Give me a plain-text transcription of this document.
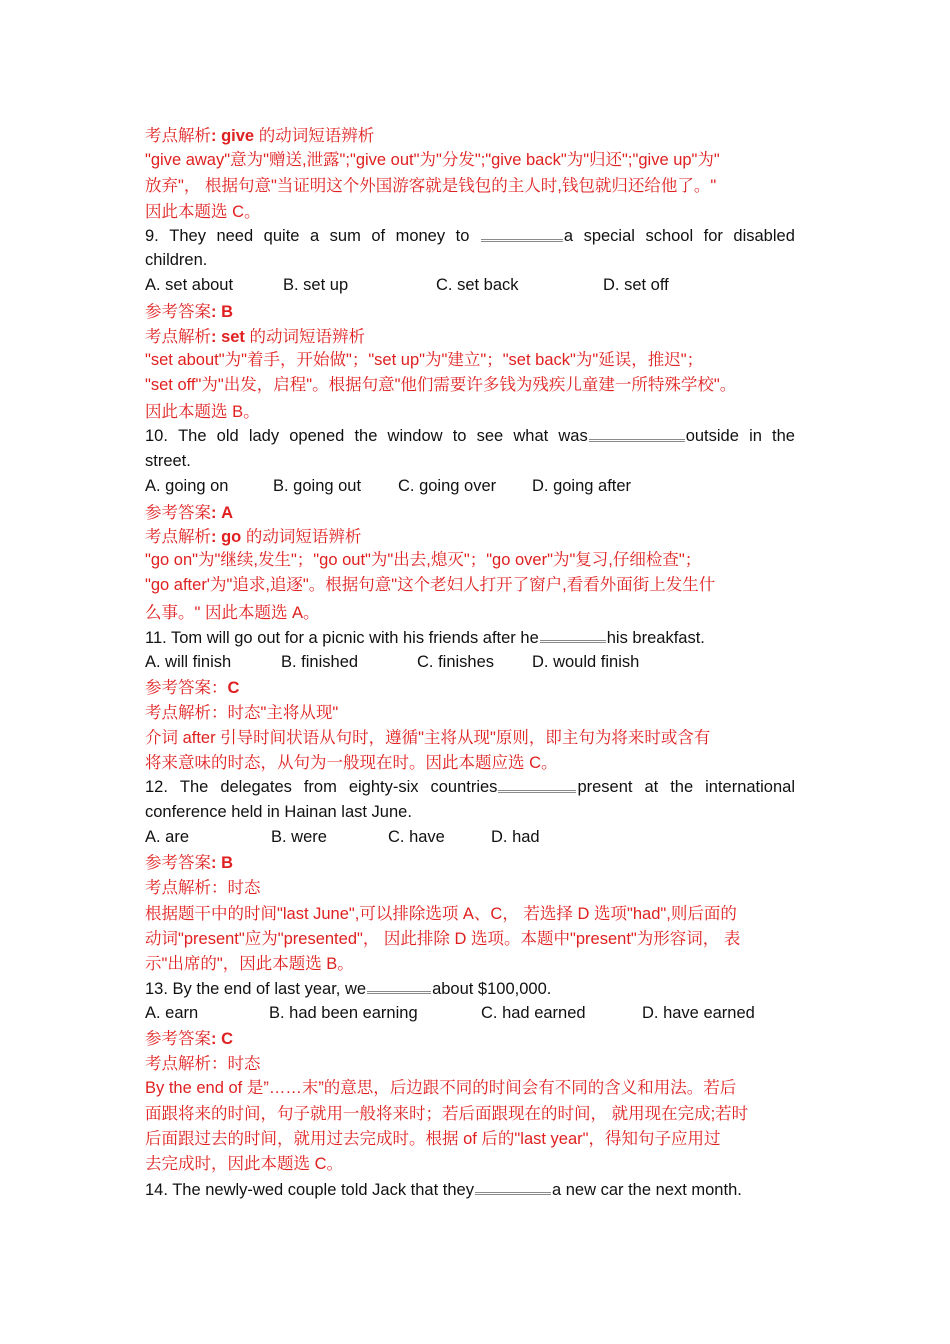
考点解析: give 的动词短语辨析
"give away"意为"赠送,泄露";"give out"为"分发";"give back"为"归还";"give up"为"
放弃"， 根据句意"当证明这个外国游客就是钱包的主人时,钱包就归还给他了。"
因此本题选 C。
9. They need quite a sum of money to	a special school for disabled
children.
A. set about	B. set up	C. set back	D. set off
参考答案: B
考点解析: set 的动词短语辨析
"set about"为"着手，开始做"；"set up"为"建立"；"set back"为"延误，推迟"；
"set off"为"出发，启程"。根据句意"他们需要许多钱为残疾儿童建一所特殊学校"。
因此本题选 B。
10. The old lady opened the window to see what was	outside in the
street.
A. going on	B. going out C. going over D. going after
参考答案: A
考点解析: go 的动词短语辨析
"go on"为"继续,发生"；"go out"为"出去,熄灭"；"go over"为"复习,仔细检查"；
"go after'为"追求,追逐"。根据句意"这个老妇人打开了窗户,看看外面街上发生什
么事。" 因此本题选 A。
11. Tom will go out for a picnic with his friends after he	his breakfast.
A. will finish	B. finished	C. finishes D. would finish
参考答案：C
考点解析：时态"主将从现"
介词 after 引导时间状语从句时，遵循"主将从现"原则，即主句为将来时或含有
将来意味的时态，从句为一般现在时。因此本题应选 C。
12. The delegates from eighty-six countries	present at the international
conference held in Hainan last June.
A. are	B. were	C. have	D. had
参考答案: B
考点解析：时态
根据题干中的时间"last June",可以排除选项 A、C， 若选择 D 选项"had",则后面的
动词"present"应为"presented"， 因此排除 D 选项。本题中"present"为形容词， 表
示"出席的"，因此本题选 B。
13. By the end of last year, we	about $100,000.
A. earn	B. had been earning	C. had earned	D. have earned
参考答案: C
考点解析：时态
By the end of 是”……末”的意思，后边跟不同的时间会有不同的含义和用法。若后
面跟将来的时间，句子就用一般将来时；若后面跟现在的时间， 就用现在完成;若时
后面跟过去的时间，就用过去完成时。根据 of 后的"last year"，得知句子应用过
去完成时，因此本题选 C。
14. The newly-wed couple told Jack that they	a new car the next month.
